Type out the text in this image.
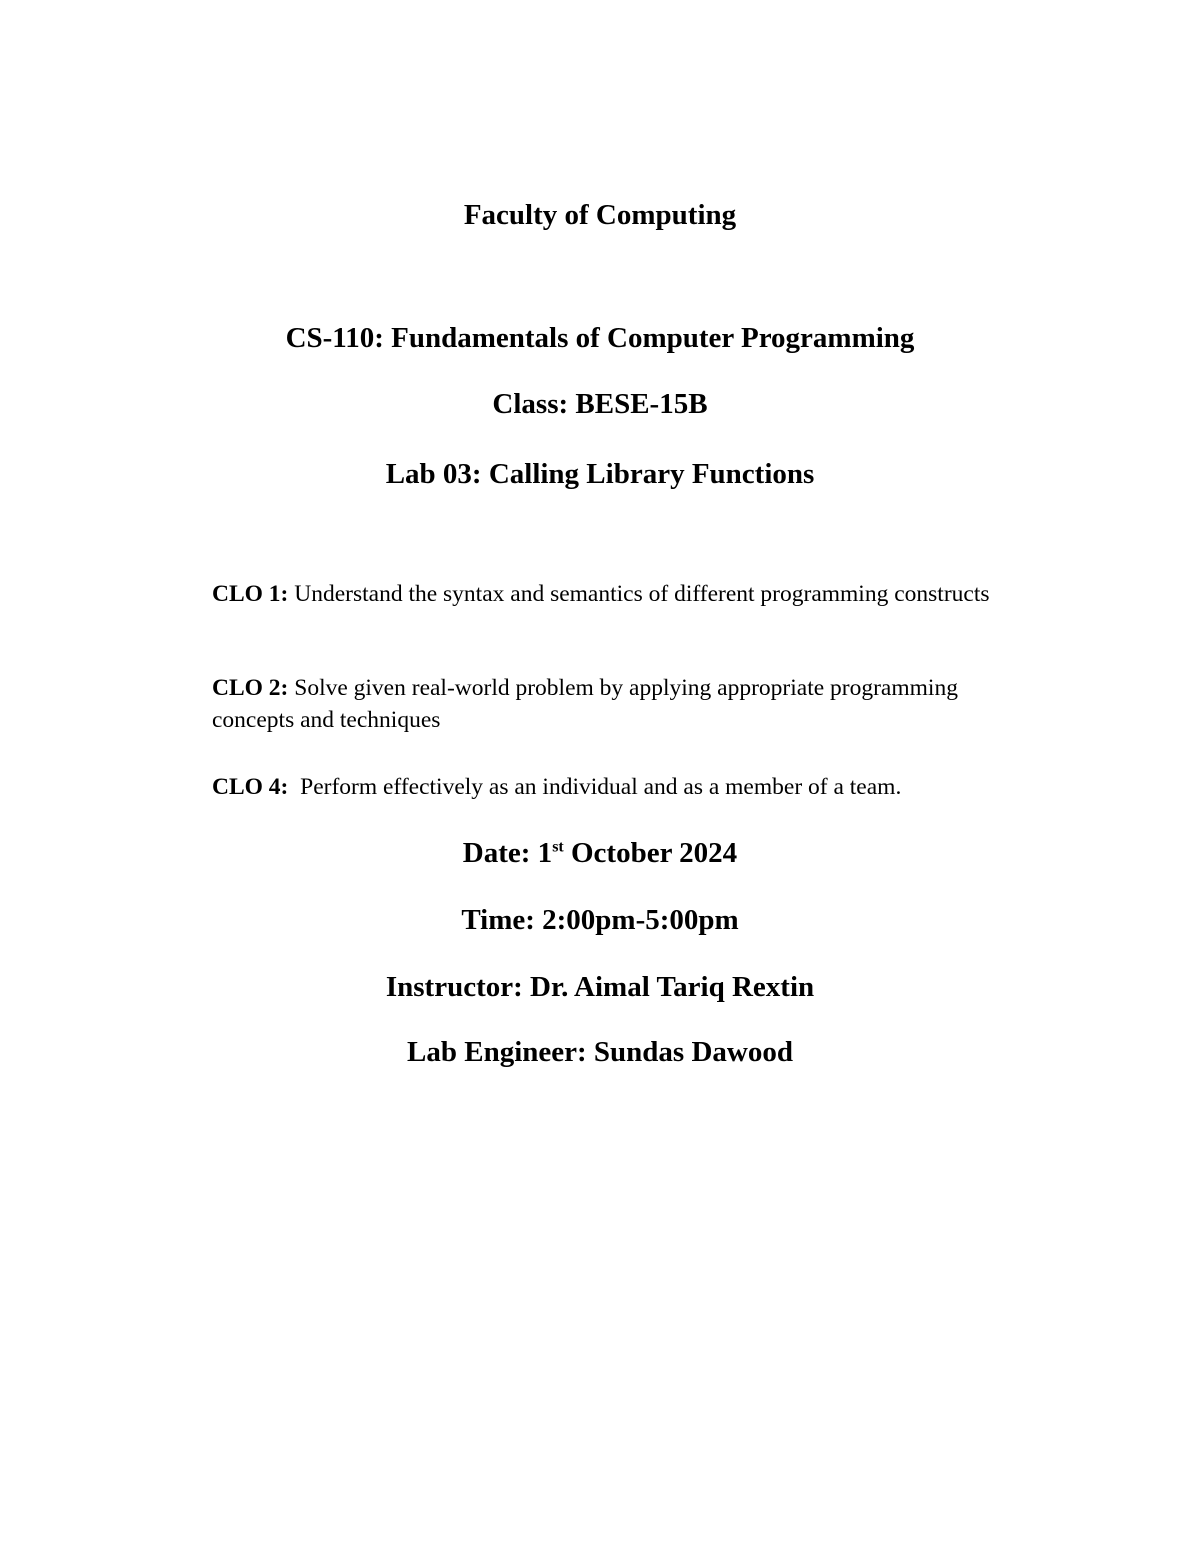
Faculty of Computing

CS-110: Fundamentals of Computer Programming

Class: BESE-15B

Lab 03: Calling Library Functions

CLO 1: Understand the syntax and semantics of different programming constructs

CLO 2: Solve given real-world problem by applying appropriate programming concepts and techniques

CLO 4: Perform effectively as an individual and as a member of a team.

Date: 1st October 2024

Time: 2:00pm-5:00pm

Instructor: Dr. Aimal Tariq Rextin

Lab Engineer: Sundas Dawood
